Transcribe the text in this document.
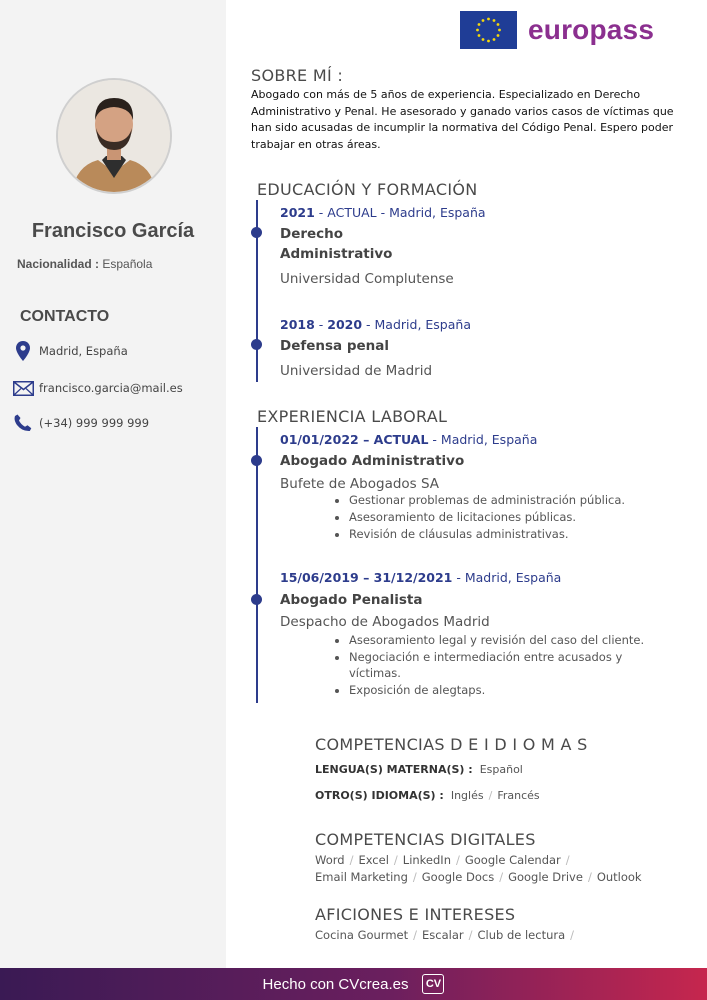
Francisco García
Nacionalidad : Española
CONTACTO
Madrid, España
francisco.garcia@mail.es
(+34) 999 999 999
europass
SOBRE MÍ :
Abogado con más de 5 años de experiencia. Especializado en Derecho Administrativo y Penal. He asesorado y ganado varios casos de víctimas que han sido acusadas de incumplir la normativa del Código Penal. Espero poder trabajar en otras áreas.
EDUCACIÓN Y FORMACIÓN
2021 - ACTUAL - Madrid, España
Derecho
Administrativo
Universidad Complutense
2018 - 2020 - Madrid, España
Defensa penal
Universidad de Madrid
EXPERIENCIA LABORAL
01/01/2022 – ACTUAL - Madrid, España
Abogado Administrativo
Bufete de Abogados SA
• Gestionar problemas de administración pública.
• Asesoramiento de licitaciones públicas.
• Revisión de cláusulas administrativas.
15/06/2019 – 31/12/2021 - Madrid, España
Abogado Penalista
Despacho de Abogados Madrid
• Asesoramiento legal y revisión del caso del cliente.
• Negociación e intermediación entre acusados y víctimas.
• Exposición de alegtaps.
COMPETENCIAS D E I D I O M A S
LENGUA(S) MATERNA(S) : Español
OTRO(S) IDIOMA(S) : Inglés / Francés
COMPETENCIAS DIGITALES
Word / Excel / LinkedIn / Google Calendar /
Email Marketing / Google Docs / Google Drive / Outlook
AFICIONES E INTERESES
Cocina Gourmet / Escalar / Club de lectura /
Hecho con CVcrea.es	CV
